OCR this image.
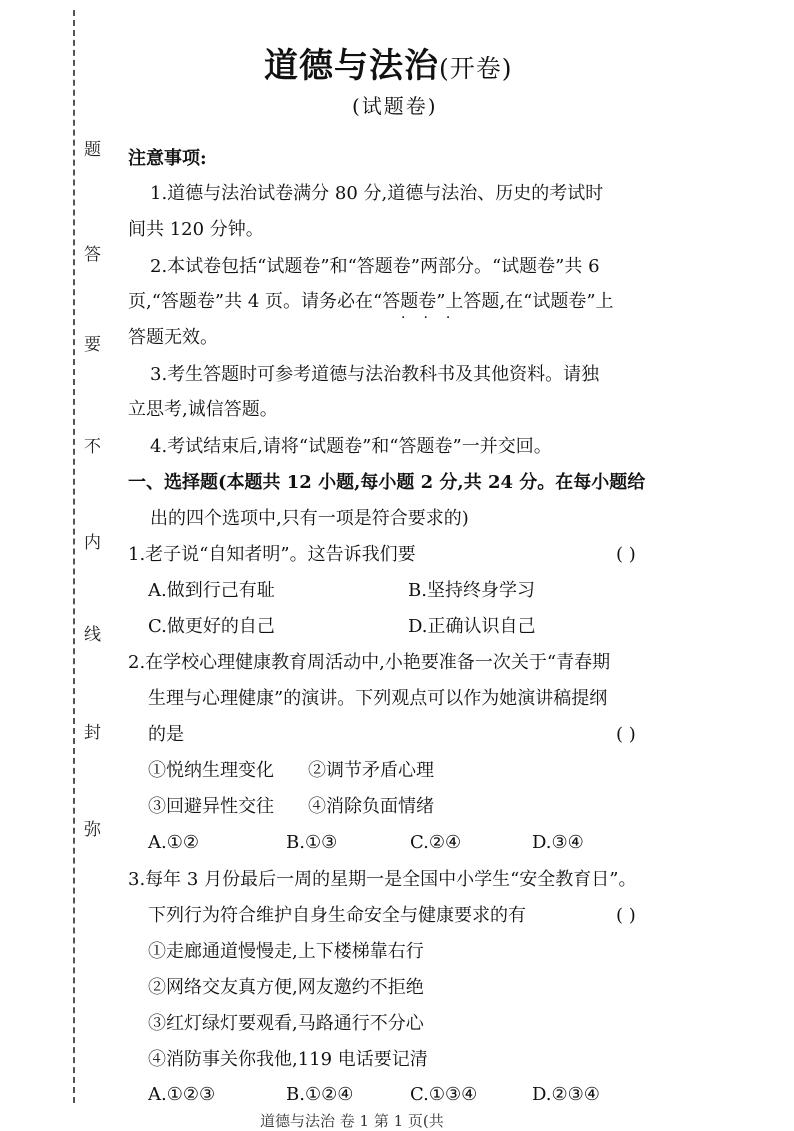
题
答
要
不
内
线
封
弥
道德与法治(开卷)
(试题卷)
注意事项:
1.道德与法治试卷满分 80 分,道德与法治、历史的考试时
间共 120 分钟。
2.本试卷包括“试题卷”和“答题卷”两部分。“试题卷”共 6
页,“答题卷”共 4 页。请务必在“答题卷”上答题,在“试题卷”上
···
答题无效。
3.考生答题时可参考道德与法治教科书及其他资料。请独
立思考,诚信答题。
4.考试结束后,请将“试题卷”和“答题卷”一并交回。
一、选择题(本题共 12 小题,每小题 2 分,共 24 分。在每小题给
出的四个选项中,只有一项是符合要求的)
1.老子说“自知者明”。这告诉我们要	( )
A.做到行己有耻	B.坚持终身学习
C.做更好的自己	D.正确认识自己
2.在学校心理健康教育周活动中,小艳要准备一次关于“青春期
生理与心理健康”的演讲。下列观点可以作为她演讲稿提纲
的是	( )
①悦纳生理变化 ②调节矛盾心理
③回避异性交往 ④消除负面情绪
A.①②	B.①③	C.②④	D.③④
3.每年 3 月份最后一周的星期一是全国中小学生“安全教育日”。
下列行为符合维护自身生命安全与健康要求的有	( )
①走廊通道慢慢走,上下楼梯靠右行
②网络交友真方便,网友邀约不拒绝
③红灯绿灯要观看,马路通行不分心
④消防事关你我他,119 电话要记清
A.①②③	B.①②④	C.①③④	D.②③④
道德与法治 卷 1 第 1 页(共
